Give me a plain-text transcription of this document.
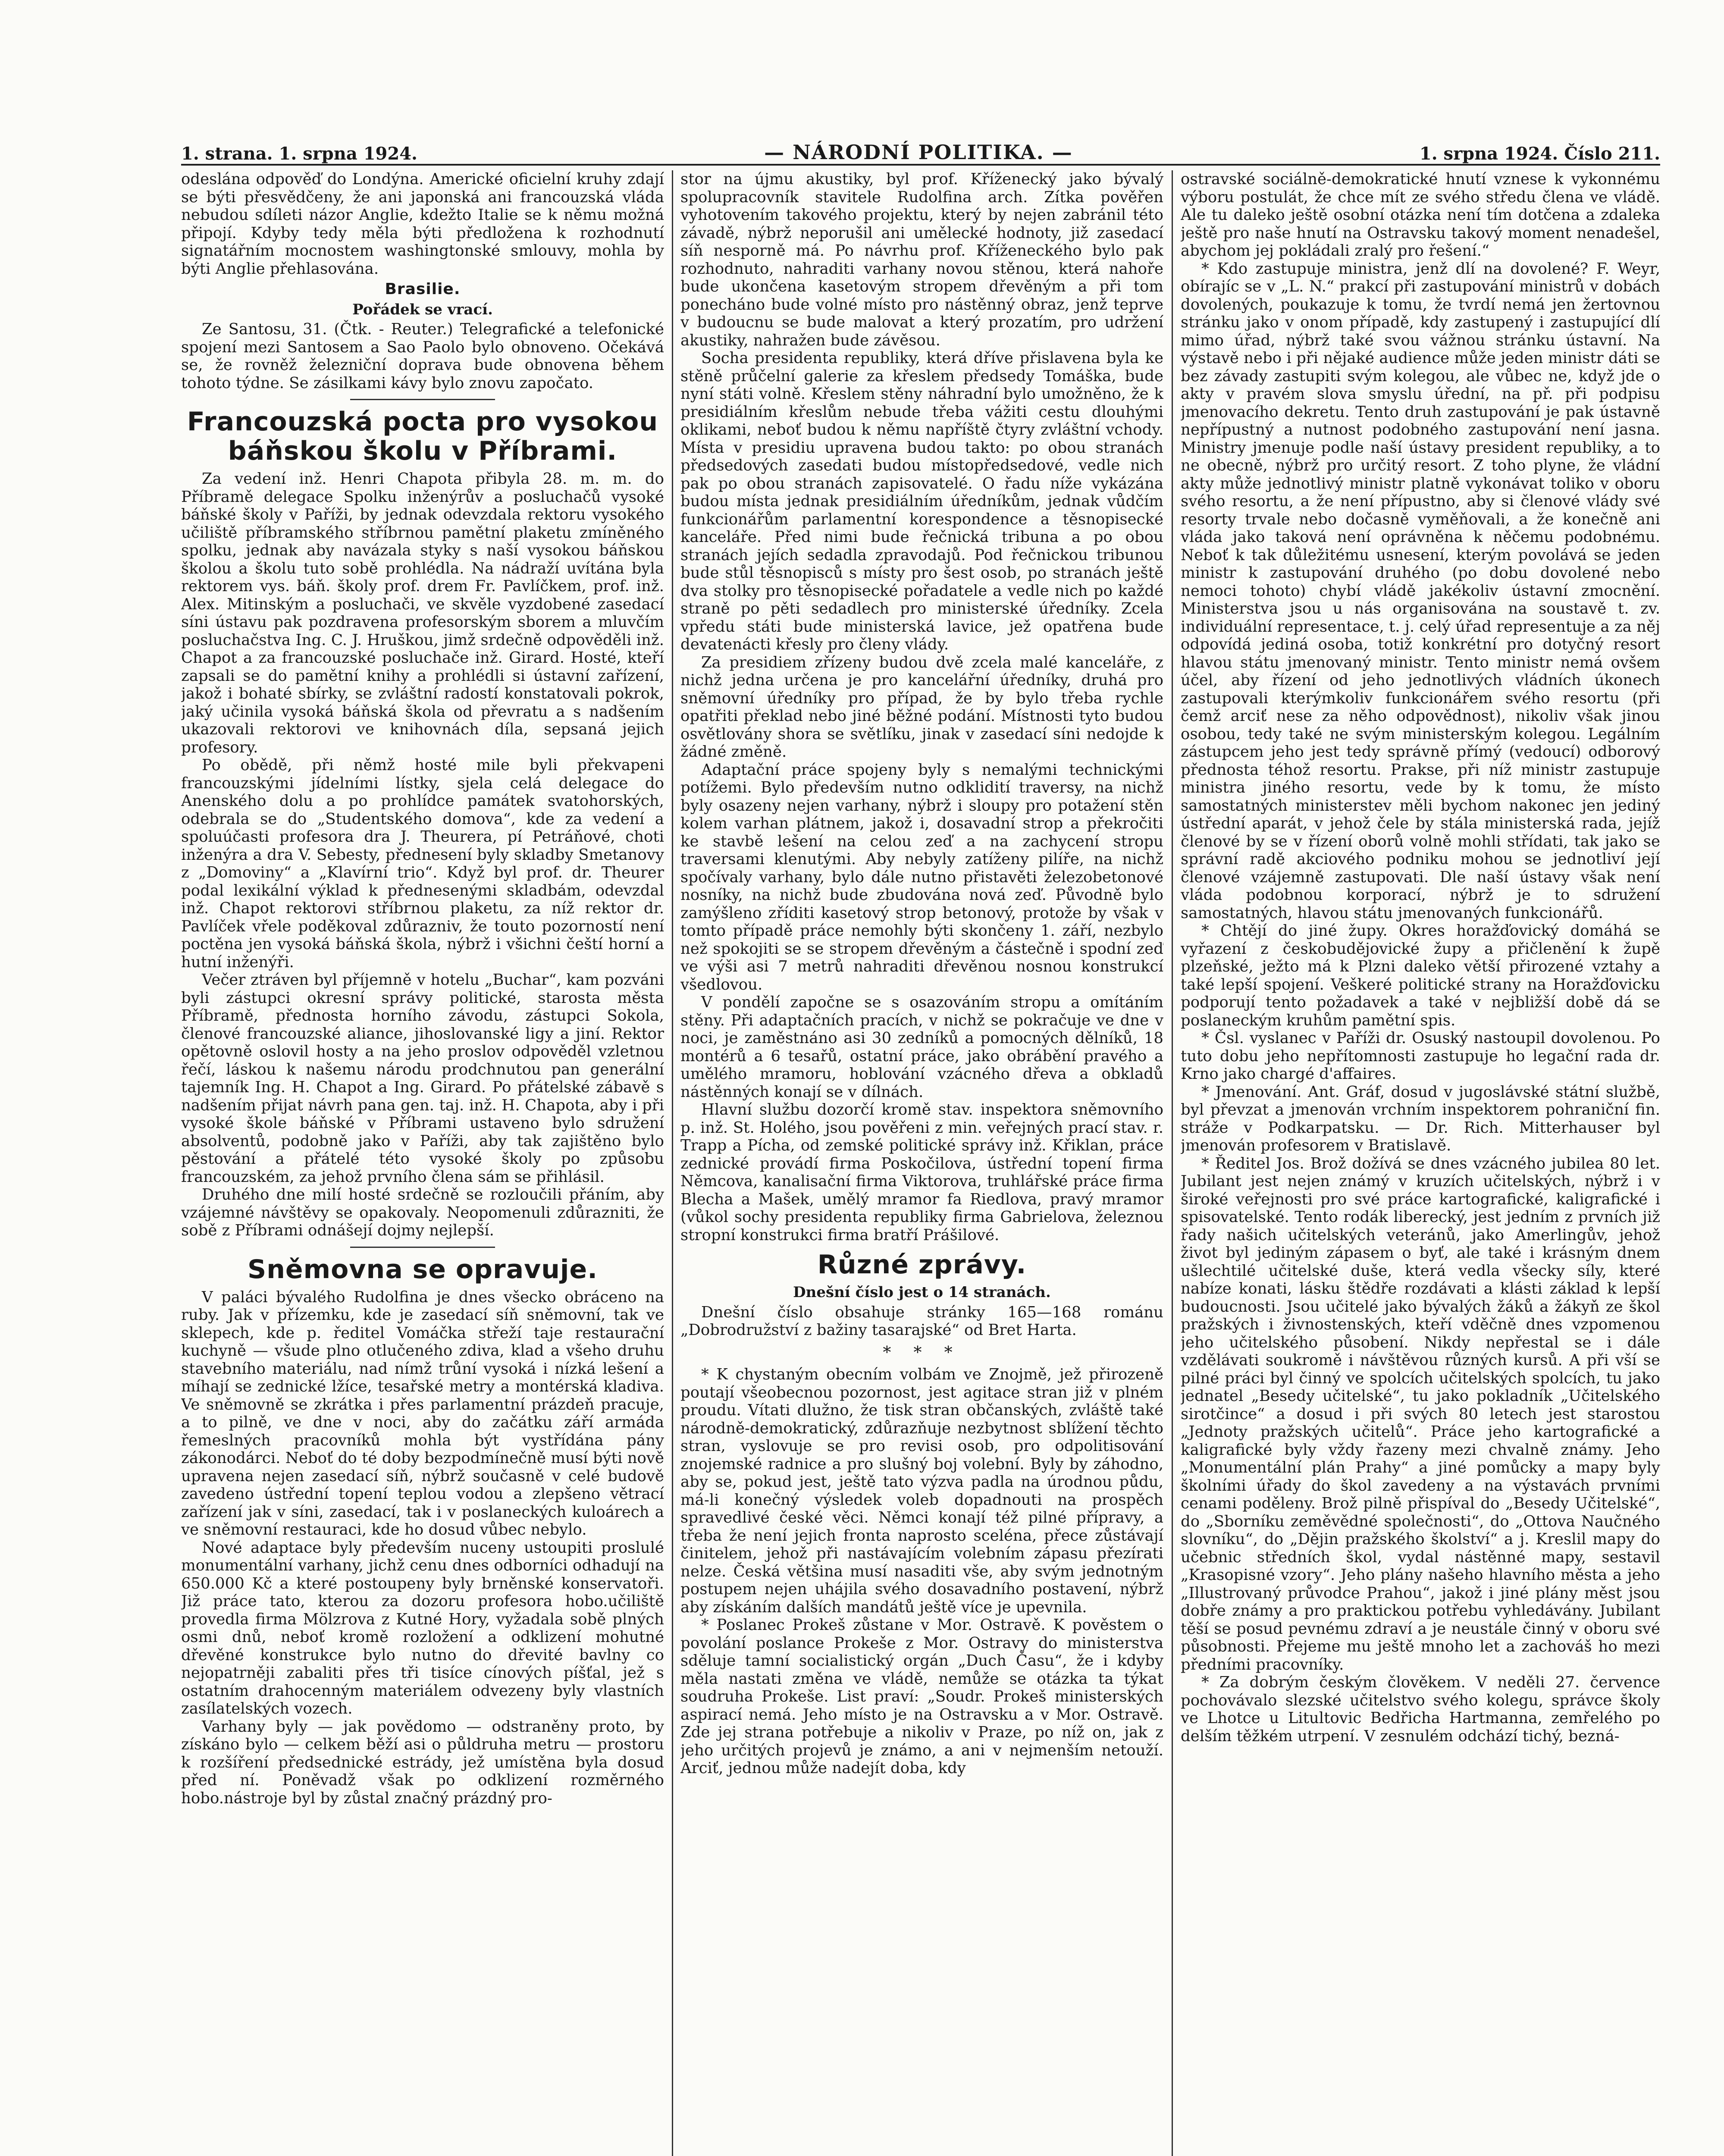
1. strana. 1. srpna 1924.	— NÁRODNÍ POLITIKA. —	1. srpna 1924. Číslo 211.

odeslána odpověď do Londýna. Americké oficielní kruhy zdají se býti přesvědčeny, že ani japonská ani francouzská vláda nebudou sdíleti názor Anglie, kdežto Italie se k němu možná připojí. Kdyby tedy měla býti předložena k rozhodnutí signatářním mocnostem washingtonské smlouvy, mohla by býti Anglie přehlasována.

Brasilie.
Pořádek se vrací.

Ze Santosu, 31. (Čtk. - Reuter.) Telegrafické a telefonické spojení mezi Santosem a Sao Paolo bylo obnoveno. Očekává se, že rovněž železniční doprava bude obnovena během tohoto týdne. Se zásilkami kávy bylo znovu započato.

Francouzská pocta pro vysokou báňskou školu v Příbrami.

Za vedení inž. Henri Chapota přibyla 28. m. m. do Příbramě delegace Spolku inženýrův a posluchačů vysoké báňské školy v Paříži, by jednak odevzdala rektoru vysokého učiliště příbramského stříbrnou pamětní plaketu zmíněného spolku, jednak aby navázala styky s naší vysokou báňskou školou a školu tuto sobě prohlédla. Na nádraží uvítána byla rektorem vys. báň. školy prof. drem Fr. Pavlíčkem, prof. inž. Alex. Mitinským a posluchači, ve skvěle vyzdobené zasedací síni ústavu pak pozdravena profesorským sborem a mluvčím posluchačstva Ing. C. J. Hruškou, jimž srdečně odpověděli inž. Chapot a za francouzské posluchače inž. Girard. Hosté, kteří zapsali se do pamětní knihy a prohlédli si ústavní zařízení, jakož i bohaté sbírky, se zvláštní radostí konstatovali pokrok, jaký učinila vysoká báňská škola od převratu a s nadšením ukazovali rektorovi ve knihovnách díla, sepsaná jejich profesory.

Po obědě, při němž hosté mile byli překvapeni francouzskými jídelními lístky, sjela celá delegace do Anenského dolu a po prohlídce památek svatohorských, odebrala se do „Studentského domova“, kde za vedení a spoluúčasti profesora dra J. Theurera, pí Petráňové, choti inženýra a dra V. Sebesty, přednesení byly skladby Smetanovy z „Domoviny“ a „Klavírní trio“. Když byl prof. dr. Theurer podal lexikální výklad k přednesenými skladbám, odevzdal inž. Chapot rektorovi stříbrnou plaketu, za níž rektor dr. Pavlíček vřele poděkoval zdůrazniv, že touto pozorností není poctěna jen vysoká báňská škola, nýbrž i všichni čeští horní a hutní inženýři.

Večer ztráven byl příjemně v hotelu „Buchar“, kam pozváni byli zástupci okresní správy politické, starosta města Příbramě, přednosta horního závodu, zástupci Sokola, členové francouzské aliance, jihoslovanské ligy a jiní. Rektor opětovně oslovil hosty a na jeho proslov odpověděl vzletnou řečí, láskou k našemu národu prodchnutou pan generální tajemník Ing. H. Chapot a Ing. Girard. Po přátelské zábavě s nadšením přijat návrh pana gen. taj. inž. H. Chapota, aby i při vysoké škole báňské v Příbrami ustaveno bylo sdružení absolventů, podobně jako v Paříži, aby tak zajištěno bylo pěstování a přátelé této vysoké školy po způsobu francouzském, za jehož prvního člena sám se přihlásil.

Druhého dne milí hosté srdečně se rozloučili přáním, aby vzájemné návštěvy se opakovaly. Neopomenuli zdůrazniti, že sobě z Příbrami odnášejí dojmy nejlepší.

Sněmovna se opravuje.

V paláci bývalého Rudolfina je dnes všecko obráceno na ruby. Jak v přízemku, kde je zasedací síň sněmovní, tak ve sklepech, kde p. ředitel Vomáčka střeží taje restaurační kuchyně — všude plno otlučeného zdiva, klad a všeho druhu stavebního materiálu, nad nímž trůní vysoká i nízká lešení a míhají se zednické lžíce, tesařské metry a montérská kladiva. Ve sněmovně se zkrátka i přes parlamentní prázdeň pracuje, a to pilně, ve dne v noci, aby do začátku září armáda řemeslných pracovníků mohla být vystřídána pány zákonodárci. Neboť do té doby bezpodmínečně musí býti nově upravena nejen zasedací síň, nýbrž současně v celé budově zavedeno ústřední topení teplou vodou a zlepšeno větrací zařízení jak v síni, zasedací, tak i v poslaneckých kuloárech a ve sněmovní restauraci, kde ho dosud vůbec nebylo.

Nové adaptace byly především nuceny ustoupiti proslulé monumentální varhany, jichž cenu dnes odborníci odhadují na 650.000 Kč a které postoupeny byly brněnské konservatoři. Již práce tato, kterou za dozoru profesora hobo.učiliště provedla firma Mölzrova z Kutné Hory, vyžadala sobě plných osmi dnů, neboť kromě rozložení a odklizení mohutné dřevěné konstrukce bylo nutno do dřevité bavlny co nejopatrněji zabaliti přes tři tisíce cínových píšťal, jež s ostatním drahocenným materiálem odvezeny byly vlastních zasílatelských vozech.

Varhany byly — jak povědomo — odstraněny proto, by získáno bylo — celkem běží asi o půldruha metru — prostoru k rozšíření předsednické estrády, jež umístěna byla dosud před ní. Poněvadž však po odklizení rozměrného hobo.nástroje byl by zůstal značný prázdný pro-

stor na újmu akustiky, byl prof. Kříženecký jako bývalý spolupracovník stavitele Rudolfina arch. Zítka pověřen vyhotovením takového projektu, který by nejen zabránil této závadě, nýbrž neporušil ani umělecké hodnoty, již zasedací síň nesporně má. Po návrhu prof. Kříženeckého bylo pak rozhodnuto, nahraditi varhany novou stěnou, která nahoře bude ukončena kasetovým stropem dřevěným a při tom ponecháno bude volné místo pro nástěnný obraz, jenž teprve v budoucnu se bude malovat a který prozatím, pro udržení akustiky, nahražen bude závěsou.

Socha presidenta republiky, která dříve přislavena byla ke stěně průčelní galerie za křeslem předsedy Tomáška, bude nyní státi volně. Křeslem stěny náhradní bylo umožněno, že k presidiálním křeslům nebude třeba vážiti cestu dlouhými oklikami, neboť budou k němu napříště čtyry zvláštní vchody. Místa v presidiu upravena budou takto: po obou stranách předsedových zasedati budou místopředsedové, vedle nich pak po obou stranách zapisovatelé. O řadu níže vykázána budou místa jednak presidiálním úředníkům, jednak vůdčím funkcionářům parlamentní korespondence a těsnopisecké kanceláře. Před nimi bude řečnická tribuna a po obou stranách jejích sedadla zpravodajů. Pod řečnickou tribunou bude stůl těsnopisců s místy pro šest osob, po stranách ještě dva stolky pro těsnopisecké pořadatele a vedle nich po každé straně po pěti sedadlech pro ministerské úředníky. Zcela vpředu státi bude ministerská lavice, jež opatřena bude devatenácti křesly pro členy vlády.

Za presidiem zřízeny budou dvě zcela malé kanceláře, z nichž jedna určena je pro kancelářní úředníky, druhá pro sněmovní úředníky pro případ, že by bylo třeba rychle opatřiti překlad nebo jiné běžné podání. Místnosti tyto budou osvětlovány shora se světlíku, jinak v zasedací síni nedojde k žádné změně.

Adaptační práce spojeny byly s nemalými technickými potížemi. Bylo především nutno odklidití traversy, na nichž byly osazeny nejen varhany, nýbrž i sloupy pro potažení stěn kolem varhan plátnem, jakož i, dosavadní strop a překročiti ke stavbě lešení na celou zeď a na zachycení stropu traversami klenutými. Aby nebyly zatíženy pilíře, na nichž spočívaly varhany, bylo dále nutno přistavěti železobetonové nosníky, na nichž bude zbudována nová zeď. Původně bylo zamýšleno zříditi kasetový strop betonový, protože by však v tomto případě práce nemohly býti skončeny 1. září, nezbylo než spokojiti se se stropem dřevěným a částečně i spodní zeď ve výši asi 7 metrů nahraditi dřevěnou nosnou konstrukcí všedlovou.

V pondělí započne se s osazováním stropu a omítáním stěny. Při adaptačních pracích, v nichž se pokračuje ve dne v noci, je zaměstnáno asi 30 zedníků a pomocných dělníků, 18 montérů a 6 tesařů, ostatní práce, jako obrábění pravého a umělého mramoru, hoblování vzácného dřeva a obkladů nástěnných konají se v dílnách.

Hlavní službu dozorčí kromě stav. inspektora sněmovního p. inž. St. Holého, jsou pověřeni z min. veřejných prací stav. r. Trapp a Pícha, od zemské politické správy inž. Křiklan, práce zednické provádí firma Poskočilova, ústřední topení firma Němcova, kanalisační firma Viktorova, truhlářské práce firma Blecha a Mašek, umělý mramor fa Riedlova, pravý mramor (vůkol sochy presidenta republiky firma Gabrielova, železnou stropní konstrukci firma bratří Prášilové.

Různé zprávy.
Dnešní číslo jest o 14 stranách.

Dnešní číslo obsahuje stránky 165—168 románu „Dobrodružství z bažiny tasarajské“ od Bret Harta.

* * *

* K chystaným obecním volbám ve Znojmě, jež přirozeně poutají všeobecnou pozornost, jest agitace stran již v plném proudu. Vítati dlužno, že tisk stran občanských, zvláště také národně-demokratický, zdůrazňuje nezbytnost sblížení těchto stran, vyslovuje se pro revisi osob, pro odpolitisování znojemské radnice a pro slušný boj volební. Byly by záhodno, aby se, pokud jest, ještě tato výzva padla na úrodnou půdu, má-li konečný výsledek voleb dopadnouti na prospěch spravedlivé české věci. Němci konají též pilné přípravy, a třeba že není jejich fronta naprosto sceléna, přece zůstávají činitelem, jehož při nastávajícím volebním zápasu přezírati nelze. Česká většina musí nasaditi vše, aby svým jednotným postupem nejen uhájila svého dosavadního postavení, nýbrž aby získáním dalších mandátů ještě více je upevnila.

* Poslanec Prokeš zůstane v Mor. Ostravě. K pověstem o povolání poslance Prokeše z Mor. Ostravy do ministerstva sděluje tamní socialistický orgán „Duch Času“, že i kdyby měla nastati změna ve vládě, nemůže se otázka ta týkat soudruha Prokeše. List praví: „Soudr. Prokeš ministerských aspirací nemá. Jeho místo je na Ostravsku a v Mor. Ostravě. Zde jej strana potřebuje a nikoliv v Praze, po níž on, jak z jeho určitých projevů je známo, a ani v nejmenším netouží. Arciť, jednou může nadejít doba, kdy

ostravské sociálně-demokratické hnutí vznese k vykonnému výboru postulát, že chce mít ze svého středu člena ve vládě. Ale tu daleko ještě osobní otázka není tím dotčena a zdaleka ještě pro naše hnutí na Ostravsku takový moment nenadešel, abychom jej pokládali zralý pro řešení.“

* Kdo zastupuje ministra, jenž dlí na dovolené? F. Weyr, obírajíc se v „L. N.“ prakcí při zastupování ministrů v dobách dovolených, poukazuje k tomu, že tvrdí nemá jen žertovnou stránku jako v onom případě, kdy zastupený i zastupující dlí mimo úřad, nýbrž také svou vážnou stránku ústavní. Na výstavě nebo i při nějaké audience může jeden ministr dáti se bez závady zastupiti svým kolegou, ale vůbec ne, když jde o akty v pravém slova smyslu úřední, na př. při podpisu jmenovacího dekretu. Tento druh zastupování je pak ústavně nepřípustný a nutnost podobného zastupování není jasna. Ministry jmenuje podle naší ústavy president republiky, a to ne obecně, nýbrž pro určitý resort. Z toho plyne, že vládní akty může jednotlivý ministr platně vykonávat toliko v oboru svého resortu, a že není přípustno, aby si členové vlády své resorty trvale nebo dočasně vyměňovali, a že konečně ani vláda jako taková není oprávněna k něčemu podobnému. Neboť k tak důležitému usnesení, kterým povolává se jeden ministr k zastupování druhého (po dobu dovolené nebo nemoci tohoto) chybí vládě jakékoliv ústavní zmocnění. Ministerstva jsou u nás organisována na soustavě t. zv. individuální representace, t. j. celý úřad representuje a za něj odpovídá jediná osoba, totiž konkrétní pro dotyčný resort hlavou státu jmenovaný ministr. Tento ministr nemá ovšem účel, aby řízení od jeho jednotlivých vládních úkonech zastupovali kterýmkoliv funkcionářem svého resortu (při čemž arciť nese za něho odpovědnost), nikoliv však jinou osobou, tedy také ne svým ministerským kolegou. Legálním zástupcem jeho jest tedy správně přímý (vedoucí) odborový přednosta téhož resortu. Prakse, při níž ministr zastupuje ministra jiného resortu, vede by k tomu, že místo samostatných ministerstev měli bychom nakonec jen jediný ústřední aparát, v jehož čele by stála ministerská rada, jejíž členové by se v řízení oborů volně mohli střídati, tak jako se správní radě akciového podniku mohou se jednotliví její členové vzájemně zastupovati. Dle naší ústavy však není vláda podobnou korporací, nýbrž je to sdružení samostatných, hlavou státu jmenovaných funkcionářů.

* Chtějí do jiné župy. Okres horažďovický domáhá se vyřazení z českobudějovické župy a přičlenění k župě plzeňské, ježto má k Plzni daleko větší přirozené vztahy a také lepší spojení. Veškeré politické strany na Horažďovicku podporují tento požadavek a také v nejbližší době dá se poslaneckým kruhům pamětní spis.

* Čsl. vyslanec v Paříži dr. Osuský nastoupil dovolenou. Po tuto dobu jeho nepřítomnosti zastupuje ho legační rada dr. Krno jako chargé d'affaires.

* Jmenování. Ant. Gráf, dosud v jugoslávské státní službě, byl převzat a jmenován vrchním inspektorem pohraniční fin. stráže v Podkarpatsku. — Dr. Rich. Mitterhauser byl jmenován profesorem v Bratislavě.

* Ředitel Jos. Brož dožívá se dnes vzácného jubilea 80 let. Jubilant jest nejen známý v kruzích učitelských, nýbrž i v široké veřejnosti pro své práce kartografické, kaligrafické i spisovatelské. Tento rodák liberecký, jest jedním z prvních již řady našich učitelských veteránů, jako Amerlingův, jehož život byl jediným zápasem o byť, ale také i krásným dnem ušlechtilé učitelské duše, která vedla všecky síly, které nabíze konati, lásku štědře rozdávati a klásti základ k lepší budoucnosti. Jsou učitelé jako bývalých žáků a žákyň ze škol pražských i živnostenských, kteří vděčně dnes vzpomenou jeho učitelského působení. Nikdy nepřestal se i dále vzdělávati soukromě i návštěvou různých kursů. A při vší se pilné práci byl činný ve spolcích učitelských spolcích, tu jako jednatel „Besedy učitelské“, tu jako pokladník „Učitelského sirotčince“ a dosud i při svých 80 letech jest starostou „Jednoty pražských učitelů“. Práce jeho kartografické a kaligrafické byly vždy řazeny mezi chvalně známy. Jeho „Monumentální plán Prahy“ a jiné pomůcky a mapy byly školními úřady do škol zavedeny a na výstavách prvními cenami poděleny. Brož pilně přispíval do „Besedy Učitelské“, do „Sborníku zeměvědné společnosti“, do „Ottova Naučného slovníku“, do „Dějin pražského školství“ a j. Kreslil mapy do učebnic středních škol, vydal nástěnné mapy, sestavil „Krasopisné vzory“. Jeho plány našeho hlavního města a jeho „Illustrovaný průvodce Prahou“, jakož i jiné plány měst jsou dobře známy a pro praktickou potřebu vyhledávány. Jubilant těší se posud pevnému zdraví a je neustále činný v oboru své působnosti. Přejeme mu ještě mnoho let a zachováš ho mezi předními pracovníky.

* Za dobrým českým člověkem. V neděli 27. července pochovávalo slezské učitelstvo svého kolegu, správce školy ve Lhotce u Litultovic Bedřicha Hartmanna, zemřelého po delším těžkém utrpení. V zesnulém odchází tichý, bezná-
